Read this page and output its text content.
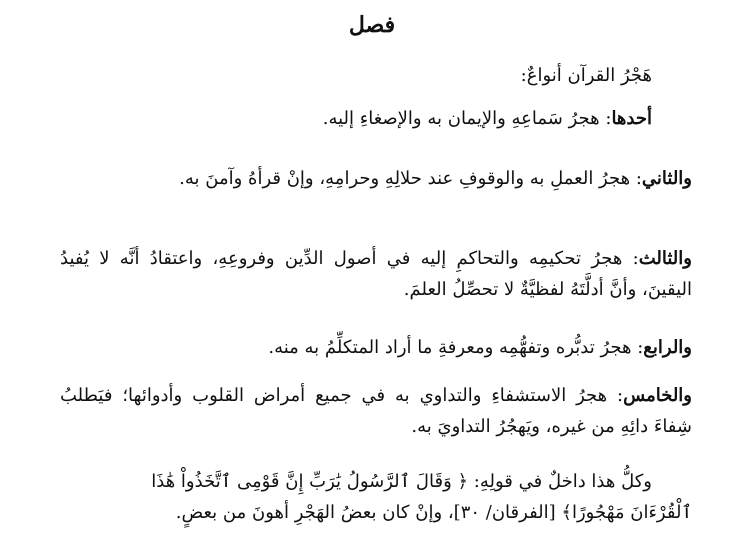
فصل
هَجْرُ القرآن أنواعٌ:
أحدها: هجرُ سَماعِهِ والإيمان به والإصغاءِ إليه.
والثاني: هجرُ العملِ به والوقوفِ عند حلالِهِ وحرامِهِ، وإنْ قرأهُ وآمنَ به.
والثالث: هجرُ تحكيمِه والتحاكمِ إليه في أصول الدِّين وفروعِهِ، واعتقادُ أنَّه لا يُفيدُ اليقينَ، وأنَّ أدلَّتَهُ لفظيَّةٌ لا تحصِّلُ العلمَ.
والرابع: هجرُ تدبُّره وتفهُّمِه ومعرفةِ ما أراد المتكلِّمُ به منه.
والخامس: هجرُ الاستشفاءِ والتداوي به في جميع أمراض القلوب وأدوائها؛ فيَطلبُ شِفاءَ دائِهِ من غيره، ويَهجُرُ التداويَ به.
وكلُّ هذا داخلٌ في قولِهِ: ﴿ وَقَالَ ٱلرَّسُولُ يَٰرَبِّ إِنَّ قَوْمِى ٱتَّخَذُواْ هَٰذَا
ٱلْقُرْءَانَ مَهْجُورًا﴾ [الفرقان/ ٣٠]، وإنْ كان بعضُ الهَجْرِ أهونَ من بعضٍ.
